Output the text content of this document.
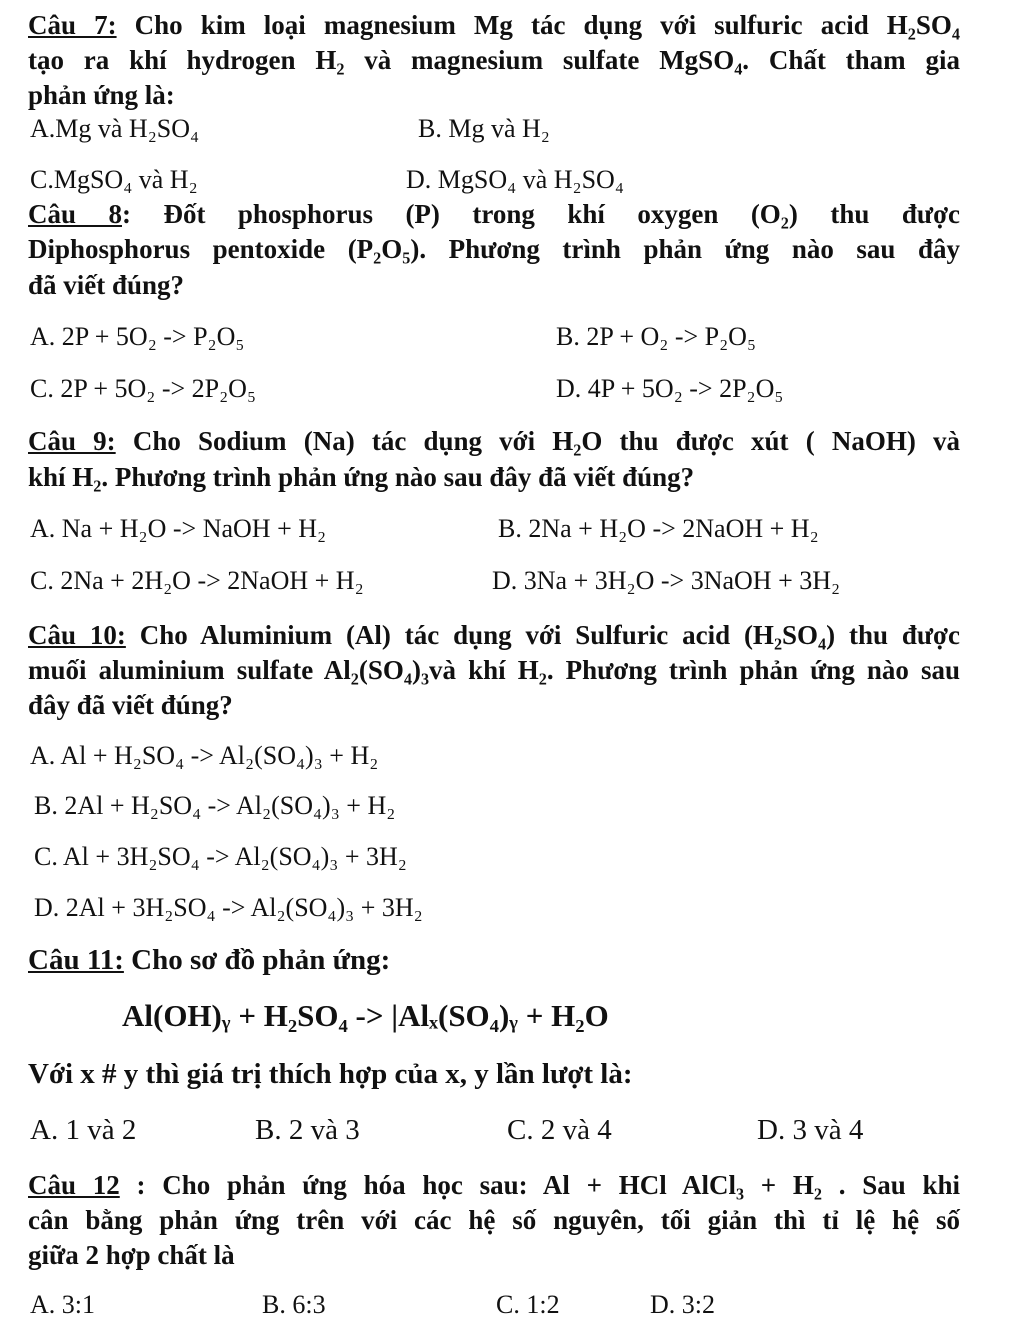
Câu 7: Cho kim loại magnesium Mg tác dụng với sulfuric acid H₂SO₄
tạo ra khí hydrogen H₂ và magnesium sulfate MgSO₄. Chất tham gia
phản ứng là:
A.Mg và H₂SO₄	B. Mg và H₂
C.MgSO₄ và H₂	D. MgSO₄ và H₂SO₄
Câu 8: Đốt phosphorus (P) trong khí oxygen (O₂) thu được
Diphosphorus pentoxide (P₂O₅). Phương trình phản ứng nào sau đây
đã viết đúng?
A. 2P + 5O₂ -> P₂O₅	B. 2P + O₂ -> P₂O₅
C. 2P + 5O₂ -> 2P₂O₅	D. 4P + 5O₂ -> 2P₂O₅
Câu 9: Cho Sodium (Na) tác dụng với H₂O thu được xút ( NaOH) và
khí H₂. Phương trình phản ứng nào sau đây đã viết đúng?
A. Na + H₂O -> NaOH + H₂	B. 2Na + H₂O -> 2NaOH + H₂
C. 2Na + 2H₂O -> 2NaOH + H₂	D. 3Na + 3H₂O -> 3NaOH + 3H₂
Câu 10: Cho Aluminium (Al) tác dụng với Sulfuric acid (H₂SO₄) thu được
muối aluminium sulfate Al₂(SO₄)₃và khí H₂. Phương trình phản ứng nào sau
đây đã viết đúng?
A. Al + H₂SO₄ -> Al₂(SO₄)₃ + H₂
B. 2Al + H₂SO₄ -> Al₂(SO₄)₃ + H₂
C. Al + 3H₂SO₄ -> Al₂(SO₄)₃ + 3H₂
D. 2Al + 3H₂SO₄ -> Al₂(SO₄)₃ + 3H₂
Câu 11: Cho sơ đồ phản ứng:
Al(OH)ᵧ + H₂SO₄ -> |Alₓ(SO₄)ᵧ + H₂O
Với x # y thì giá trị thích hợp của x, y lần lượt là:
A. 1 và 2	B. 2 và 3	C. 2 và 4	D. 3 và 4
Câu 12 : Cho phản ứng hóa học sau: Al + HCl AlCl₃ + H₂ . Sau khi
cân bằng phản ứng trên với các hệ số nguyên, tối giản thì tỉ lệ hệ số
giữa 2 hợp chất là
A. 3:1	B. 6:3	C. 1:2	D. 3:2
